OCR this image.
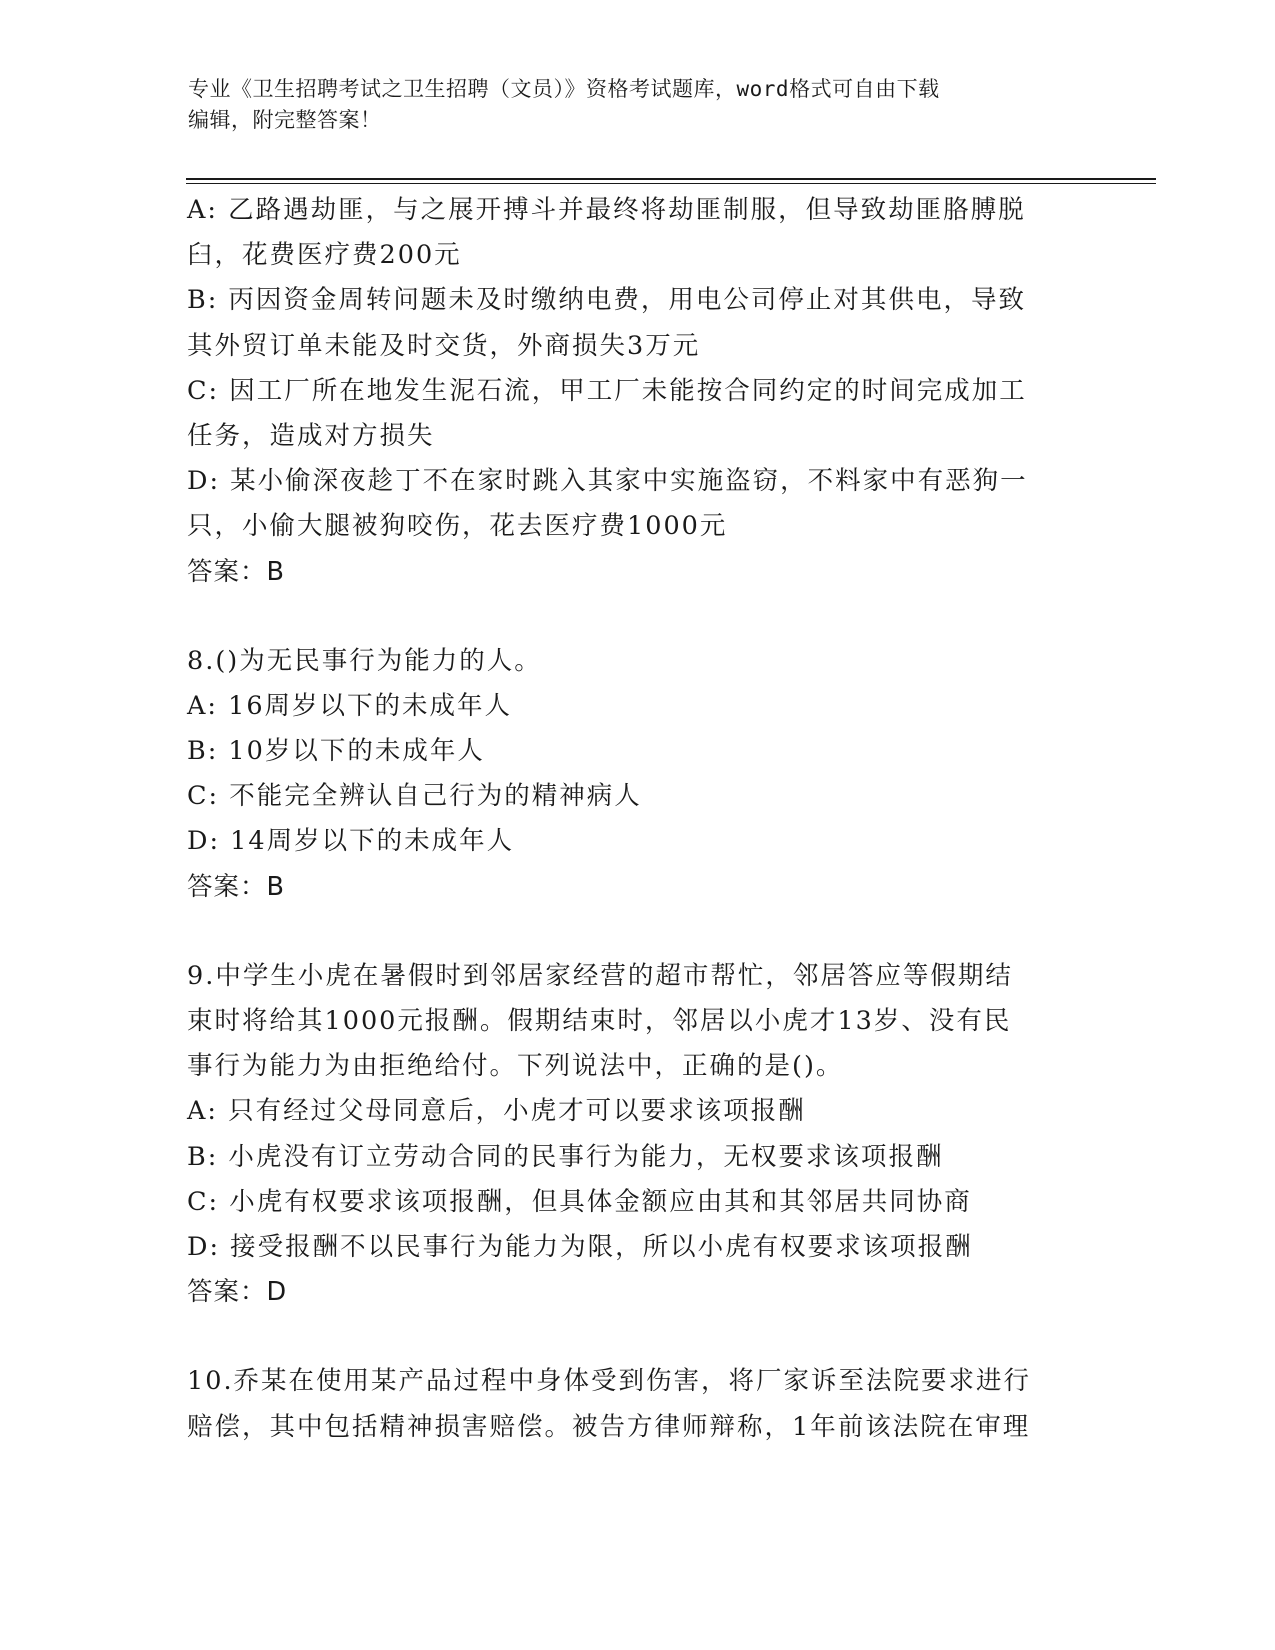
专业《卫生招聘考试之卫生招聘（文员）》资格考试题库，word格式可自由下载
编辑，附完整答案！
A: 乙路遇劫匪，与之展开搏斗并最终将劫匪制服，但导致劫匪胳膊脱
臼，花费医疗费200元
B: 丙因资金周转问题未及时缴纳电费，用电公司停止对其供电，导致
其外贸订单未能及时交货，外商损失3万元
C: 因工厂所在地发生泥石流，甲工厂未能按合同约定的时间完成加工
任务，造成对方损失
D: 某小偷深夜趁丁不在家时跳入其家中实施盗窃，不料家中有恶狗一
只，小偷大腿被狗咬伤，花去医疗费1000元
答案：B
8.()为无民事行为能力的人。
A: 16周岁以下的未成年人
B: 10岁以下的未成年人
C: 不能完全辨认自己行为的精神病人
D: 14周岁以下的未成年人
答案：B
9.中学生小虎在暑假时到邻居家经营的超市帮忙，邻居答应等假期结
束时将给其1000元报酬。假期结束时，邻居以小虎才13岁、没有民
事行为能力为由拒绝给付。下列说法中，正确的是()。
A: 只有经过父母同意后，小虎才可以要求该项报酬
B: 小虎没有订立劳动合同的民事行为能力，无权要求该项报酬
C: 小虎有权要求该项报酬，但具体金额应由其和其邻居共同协商
D: 接受报酬不以民事行为能力为限，所以小虎有权要求该项报酬
答案：D
10.乔某在使用某产品过程中身体受到伤害，将厂家诉至法院要求进行
赔偿，其中包括精神损害赔偿。被告方律师辩称，1年前该法院在审理
